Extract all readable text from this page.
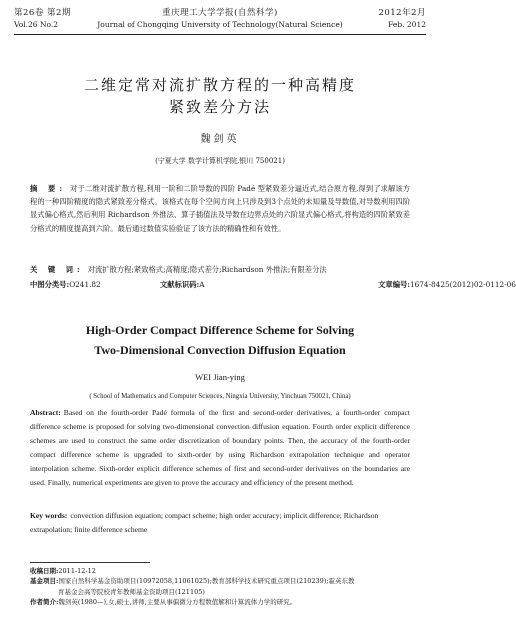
第26卷 第2期	重庆理工大学学报(自然科学)	2012年2月
Vol.26 No.2	Journal of Chongqing University of Technology(Natural Science)	Feb. 2012
二维定常对流扩散方程的一种高精度
紧致差分方法
魏剑英
(宁夏大学 数学计算机学院,银川 750021)
摘 要: 对于二维对流扩散方程,利用一阶和二阶导数的四阶 Padé 型紧致差分逼近式,结合原方程,得到了求解该方程的一种四阶精度的隐式紧致差分格式。该格式在每个空间方向上只涉及到3个点处的未知量及导数值,对导数利用四阶显式偏心格式,然后利用 Richardson 外推法、算子插值法及导数在边界点处的六阶显式偏心格式,将构造的四阶紧致差分格式的精度提高到六阶。最后通过数值实验验证了该方法的精确性和有效性。
关 键 词: 对流扩散方程;紧致格式;高精度;隐式差分;Richardson 外推法;有限差分法
中图分类号: O241.82	文献标识码: A	文章编号: 1674-8425(2012)02-0112-06
High-Order Compact Difference Scheme for Solving
Two-Dimensional Convection Diffusion Equation
WEI Jian-ying
( School of Mathematics and Computer Sciences, Ningxia University, Yinchuan 750021, China)
Abstract: Based on the fourth-order Padé formula of the first and second-order derivatives, a fourth-order compact difference scheme is proposed for solving two-dimensional convection diffusion equation. Fourth order explicit difference schemes are used to construct the same order discretization of boundary points. Then, the accuracy of the fourth-order compact difference scheme is upgraded to sixth-order by using Richardson extrapolation technique and operator interpolation scheme. Sixth-order explicit difference schemes of first and second-order derivatives on the boundaries are used. Finally, numerical experiments are given to prove the accuracy and efficiency of the present method.
Key words: convection diffusion equation; compact scheme; high order accuracy; implicit difference; Richardson extrapolation; finite difference scheme
收稿日期:2011-12-12
基金项目:国家自然科学基金资助项目(10972058,11061025);教育部科学技术研究重点项目(210239);霍英东教
育基金会高等院校青年教师基金资助项目(121105)
作者简介:魏剑英(1980—),女,硕士,讲师,主要从事偏微分方程数值解和计算流体力学的研究。
